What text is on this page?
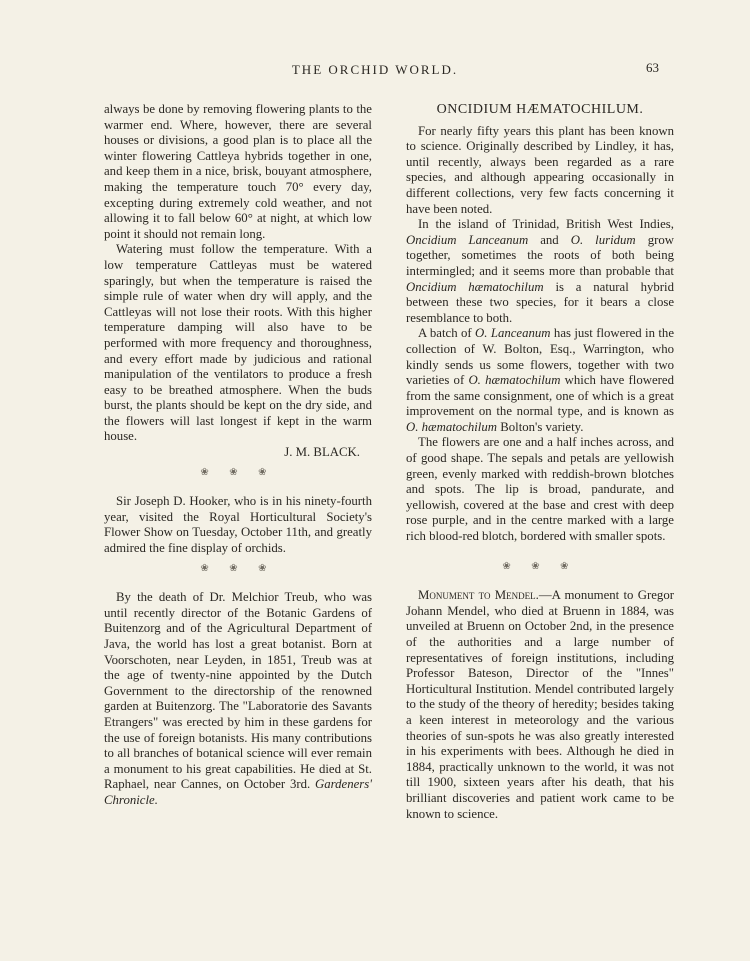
THE ORCHID WORLD.	63

always be done by removing flowering plants to the warmer end. Where, however, there are several houses or divisions, a good plan is to place all the winter flowering Cattleya hybrids together in one, and keep them in a nice, brisk, bouyant atmosphere, making the temperature touch 70° every day, excepting during extremely cold weather, and not allowing it to fall below 60° at night, at which low point it should not remain long.

Watering must follow the temperature. With a low temperature Cattleyas must be watered sparingly, but when the temperature is raised the simple rule of water when dry will apply, and the Cattleyas will not lose their roots. With this higher temperature damping will also have to be performed with more frequency and thoroughness, and every effort made by judicious and rational manipulation of the ventilators to produce a fresh easy to be breathed atmosphere. When the buds burst, the plants should be kept on the dry side, and the flowers will last longest if kept in the warm house.

J. M. BLACK.

❀ ❀ ❀

Sir Joseph D. Hooker, who is in his ninety-fourth year, visited the Royal Horticultural Society's Flower Show on Tuesday, October 11th, and greatly admired the fine display of orchids.

❀ ❀ ❀

By the death of Dr. Melchior Treub, who was until recently director of the Botanic Gardens of Buitenzorg and of the Agricultural Department of Java, the world has lost a great botanist. Born at Voorschoten, near Leyden, in 1851, Treub was at the age of twenty-nine appointed by the Dutch Government to the directorship of the renowned garden at Buitenzorg. The "Laboratorie des Savants Etrangers" was erected by him in these gardens for the use of foreign botanists. His many contributions to all branches of botanical science will ever remain a monument to his great capabilities. He died at St. Raphael, near Cannes, on October 3rd. Gardeners' Chronicle.

ONCIDIUM HÆMATOCHILUM.

For nearly fifty years this plant has been known to science. Originally described by Lindley, it has, until recently, always been regarded as a rare species, and although appearing occasionally in different collections, very few facts concerning it have been noted.

In the island of Trinidad, British West Indies, Oncidium Lanceanum and O. luridum grow together, sometimes the roots of both being intermingled; and it seems more than probable that Oncidium hæmatochilum is a natural hybrid between these two species, for it bears a close resemblance to both.

A batch of O. Lanceanum has just flowered in the collection of W. Bolton, Esq., Warrington, who kindly sends us some flowers, together with two varieties of O. hæmatochilum which have flowered from the same consignment, one of which is a great improvement on the normal type, and is known as O. hæmatochilum Bolton's variety.

The flowers are one and a half inches across, and of good shape. The sepals and petals are yellowish green, evenly marked with reddish-brown blotches and spots. The lip is broad, pandurate, and yellowish, covered at the base and crest with deep rose purple, and in the centre marked with a large rich blood-red blotch, bordered with smaller spots.

❀ ❀ ❀

Monument to Mendel.—A monument to Gregor Johann Mendel, who died at Bruenn in 1884, was unveiled at Bruenn on October 2nd, in the presence of the authorities and a large number of representatives of foreign institutions, including Professor Bateson, Director of the "Innes" Horticultural Institution. Mendel contributed largely to the study of the theory of heredity; besides taking a keen interest in meteorology and the various theories of sun-spots he was also greatly interested in his experiments with bees. Although he died in 1884, practically unknown to the world, it was not till 1900, sixteen years after his death, that his brilliant discoveries and patient work came to be known to science.
